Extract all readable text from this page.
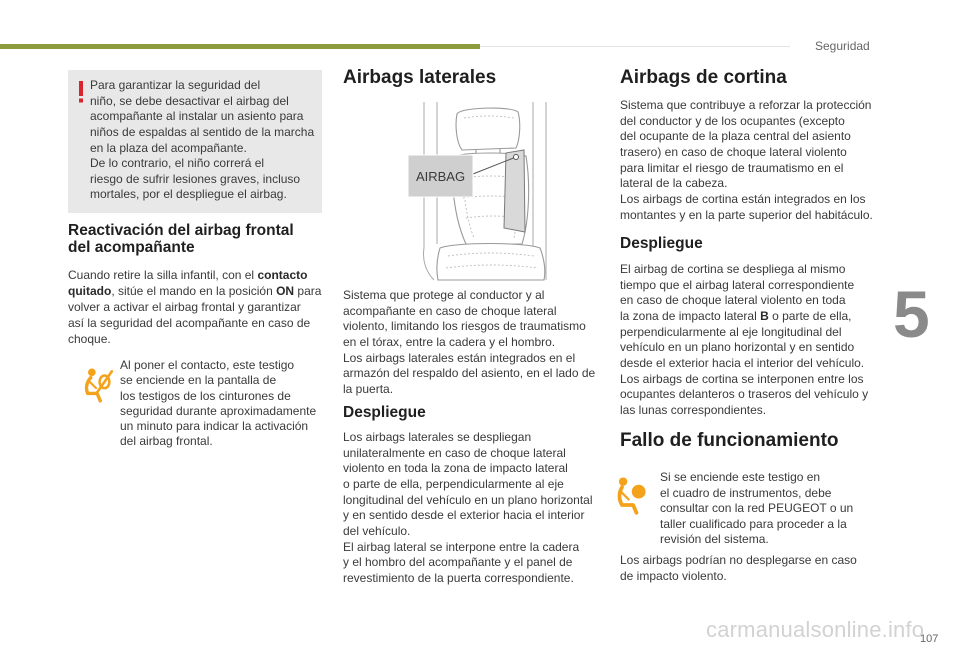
Seguridad
5
Para garantizar la seguridad del
niño, se debe desactivar el airbag del
acompañante al instalar un asiento para
niños de espaldas al sentido de la marcha
en la plaza del acompañante.
De lo contrario, el niño correrá el
riesgo de sufrir lesiones graves, incluso
mortales, por el despliegue el airbag.
Reactivación del airbag frontal
del acompañante
Cuando retire la silla infantil, con el contacto
quitado, sitúe el mando en la posición ON para
volver a activar el airbag frontal y garantizar
así la seguridad del acompañante en caso de
choque.
Al poner el contacto, este testigo
se enciende en la pantalla de
los testigos de los cinturones de
seguridad durante aproximadamente
un minuto para indicar la activación
del airbag frontal.
Airbags laterales
AIRBAG
Sistema que protege al conductor y al
acompañante en caso de choque lateral
violento, limitando los riesgos de traumatismo
en el tórax, entre la cadera y el hombro.
Los airbags laterales están integrados en el
armazón del respaldo del asiento, en el lado de
la puerta.
Despliegue
Los airbags laterales se despliegan
unilateralmente en caso de choque lateral
violento en toda la zona de impacto lateral
o parte de ella, perpendicularmente al eje
longitudinal del vehículo en un plano horizontal
y en sentido desde el exterior hacia el interior
del vehículo.
El airbag lateral se interpone entre la cadera
y el hombro del acompañante y el panel de
revestimiento de la puerta correspondiente.
Airbags de cortina
Sistema que contribuye a reforzar la protección
del conductor y de los ocupantes (excepto
del ocupante de la plaza central del asiento
trasero) en caso de choque lateral violento
para limitar el riesgo de traumatismo en el
lateral de la cabeza.
Los airbags de cortina están integrados en los
montantes y en la parte superior del habitáculo.
Despliegue
El airbag de cortina se despliega al mismo
tiempo que el airbag lateral correspondiente
en caso de choque lateral violento en toda
la zona de impacto lateral B o parte de ella,
perpendicularmente al eje longitudinal del
vehículo en un plano horizontal y en sentido
desde el exterior hacia el interior del vehículo.
Los airbags de cortina se interponen entre los
ocupantes delanteros o traseros del vehículo y
las lunas correspondientes.
Fallo de funcionamiento
Si se enciende este testigo en
el cuadro de instrumentos, debe
consultar con la red PEUGEOT o un
taller cualificado para proceder a la
revisión del sistema.
Los airbags podrían no desplegarse en caso
de impacto violento.
carmanualsonline.info
107
